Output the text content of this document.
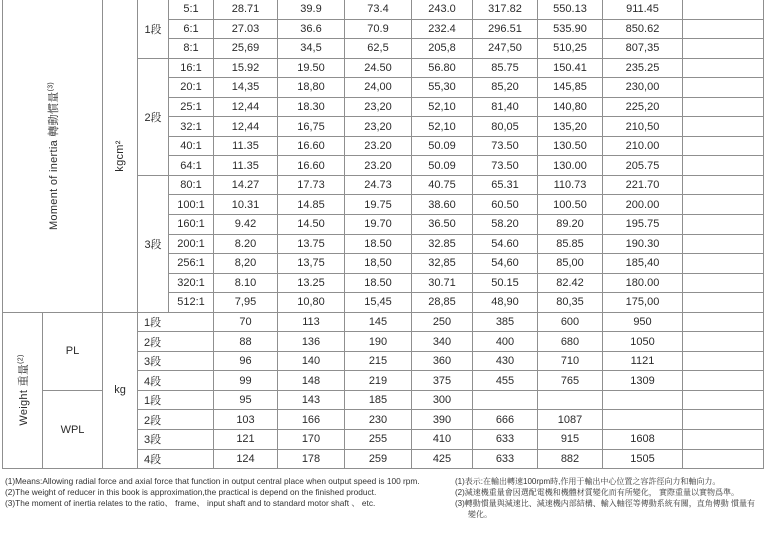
Moment of inertia 轉動慣量$^{(3)}$		kgcm²	1段	5:1	28.71	39.9	73.4	243.0	317.82	550.13	911.45	
				6:1	27.03	36.6	70.9	232.4	296.51	535.90	850.62	
				8:1	25,69	34,5	62,5	205,8	247,50	510,25	807,35	
			2段	16:1	15.92	19.50	24.50	56.80	85.75	150.41	235.25	
				20:1	14,35	18,80	24,00	55,30	85,20	145,85	230,00	
				25:1	12,44	18.30	23,20	52,10	81,40	140,80	225,20	
				32:1	12,44	16,75	23,20	52,10	80,05	135,20	210,50	
				40:1	11.35	16.60	23.20	50.09	73.50	130.50	210.00	
				64:1	11.35	16.60	23.20	50.09	73.50	130.00	205.75	
			3段	80:1	14.27	17.73	24.73	40.75	65.31	110.73	221.70	
				100:1	10.31	14.85	19.75	38.60	60.50	100.50	200.00	
				160:1	9.42	14.50	19.70	36.50	58.20	89.20	195.75	
				200:1	8.20	13.75	18.50	32.85	54.60	85.85	190.30	
				256:1	8,20	13,75	18,50	32,85	54,60	85,00	185,40	
				320:1	8.10	13.25	18.50	30.71	50.15	82.42	180.00	
				512:1	7,95	10,80	15,45	28,85	48,90	80,35	175,00	

Weight 重量$^{(2)}$	PL	kg	1段		70	113	145	250	385	600	950	
			2段		88	136	190	340	400	680	1050	
			3段		96	140	215	360	430	710	1121	
			4段		99	148	219	375	455	765	1309	
	WPL		1段		95	143	185	300				
			2段		103	166	230	390	666	1087		
			3段		121	170	255	410	633	915	1608	
			4段		124	178	259	425	633	882	1505	
(1)Means:Allowing radial force and axial force that function in output central place when output speed is 100 rpm.
(2)The weight of reducer in this book is approximation,the practical is depend on the finished product.
(3)The moment of inertia relates to the ratio、 frame、 input shaft and to standard motor shaft 、 etc.
(1)表示:在輸出轉速100rpm時,作用于輸出中心位置之容許徑向力和軸向力。
(2)減速機重量會因選配電機和機體材質變化而有所變化， 實際重量以實物爲準。
(3)轉動慣量與減速比、減速機内部結構、輸入軸徑等傳動系統有關，直角傳動 慣量有變化。
